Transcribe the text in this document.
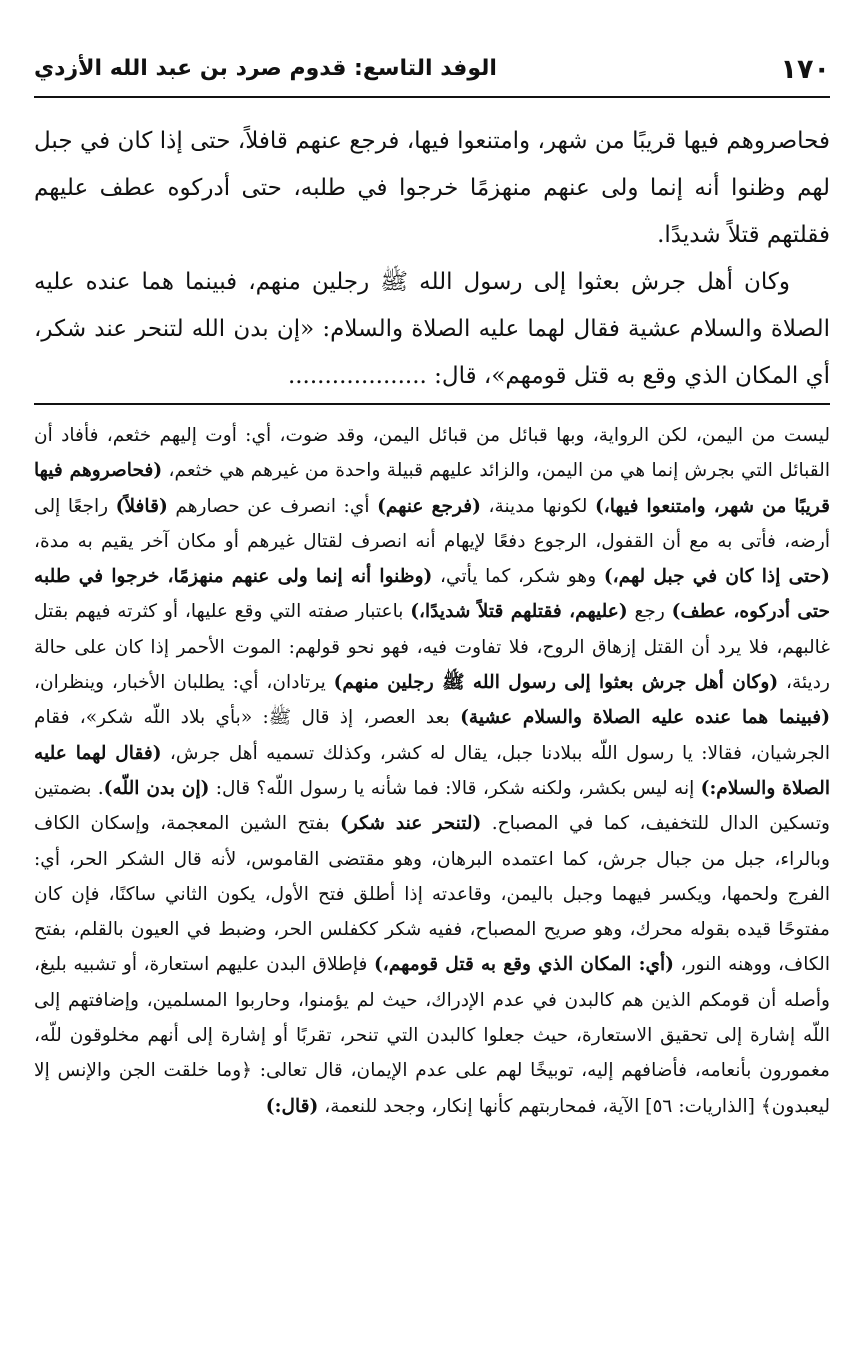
١٧٠
الوفد التاسع: قدوم صرد بن عبد الله الأزدي

فحاصروهم فيها قريبًا من شهر، وامتنعوا فيها، فرجع عنهم قافلاً، حتى إذا كان في جبل لهم وظنوا أنه إنما ولى عنهم منهزمًا خرجوا في طلبه، حتى أدركوه عطف عليهم فقلتهم قتلاً شديدًا.

وكان أهل جرش بعثوا إلى رسول الله ﷺ رجلين منهم، فبينما هما عنده عليه الصلاة والسلام عشية فقال لهما عليه الصلاة والسلام: «إن بدن الله لتنحر عند شكر، أي المكان الذي وقع به قتل قومهم»، قال: ...................

ليست من اليمن، لكن الرواية، وبها قبائل من قبائل اليمن، وقد ضوت، أي: أوت إليهم خثعم، فأفاد أن القبائل التي بجرش إنما هي من اليمن، والزائد عليهم قبيلة واحدة من غيرهم هي خثعم، (فحاصروهم فيها قريبًا من شهر، وامتنعوا فيها،) لكونها مدينة، (فرجع عنهم) أي: انصرف عن حصارهم (قافلاً) راجعًا إلى أرضه، فأتى به مع أن القفول، الرجوع دفعًا لإيهام أنه انصرف لقتال غيرهم أو مكان آخر يقيم به مدة، (حتى إذا كان في جبل لهم،) وهو شكر، كما يأتي، (وظنوا أنه إنما ولى عنهم منهزمًا، خرجوا في طلبه حتى أدركوه، عطف) رجع (عليهم، فقتلهم قتلاً شديدًا،) باعتبار صفته التي وقع عليها، أو كثرته فيهم بقتل غالبهم، فلا يرد أن القتل إزهاق الروح، فلا تفاوت فيه، فهو نحو قولهم: الموت الأحمر إذا كان على حالة رديئة، (وكان أهل جرش بعثوا إلى رسول الله ﷺ رجلين منهم) يرتادان، أي: يطلبان الأخبار، وينظران، (فبينما هما عنده عليه الصلاة والسلام عشية) بعد العصر، إذ قال ﷺ: «بأي بلاد اللّه شكر»، فقام الجرشيان، فقالا: يا رسول اللّه ببلادنا جبل، يقال له كشر، وكذلك تسميه أهل جرش، (فقال لهما عليه الصلاة والسلام:) إنه ليس بكشر، ولكنه شكر، قالا: فما شأنه يا رسول اللّه؟ قال: (إن بدن اللّه). بضمتين وتسكين الدال للتخفيف، كما في المصباح. (لتنحر عند شكر) بفتح الشين المعجمة، وإسكان الكاف وبالراء، جبل من جبال جرش، كما اعتمده البرهان، وهو مقتضى القاموس، لأنه قال الشكر الحر، أي: الفرج ولحمها، ويكسر فيهما وجبل باليمن، وقاعدته إذا أطلق فتح الأول، يكون الثاني ساكنًا، فإن كان مفتوحًا قيده بقوله محرك، وهو صريح المصباح، ففيه شكر ككفلس الحر، وضبط في العيون بالقلم، بفتح الكاف، ووهنه النور، (أي: المكان الذي وقع به قتل قومهم،) فإطلاق البدن عليهم استعارة، أو تشبيه بليغ، وأصله أن قومكم الذين هم كالبدن في عدم الإدراك، حيث لم يؤمنوا، وحاربوا المسلمين، وإضافتهم إلى اللّه إشارة إلى تحقيق الاستعارة، حيث جعلوا كالبدن التي تنحر، تقربًا أو إشارة إلى أنهم مخلوقون للّه، مغمورون بأنعامه، فأضافهم إليه، توبيخًا لهم على عدم الإيمان، قال تعالى: ﴿وما خلقت الجن والإنس إلا ليعبدون﴾ [الذاريات: ٥٦] الآية، فمحاربتهم كأنها إنكار، وجحد للنعمة، (قال:)
